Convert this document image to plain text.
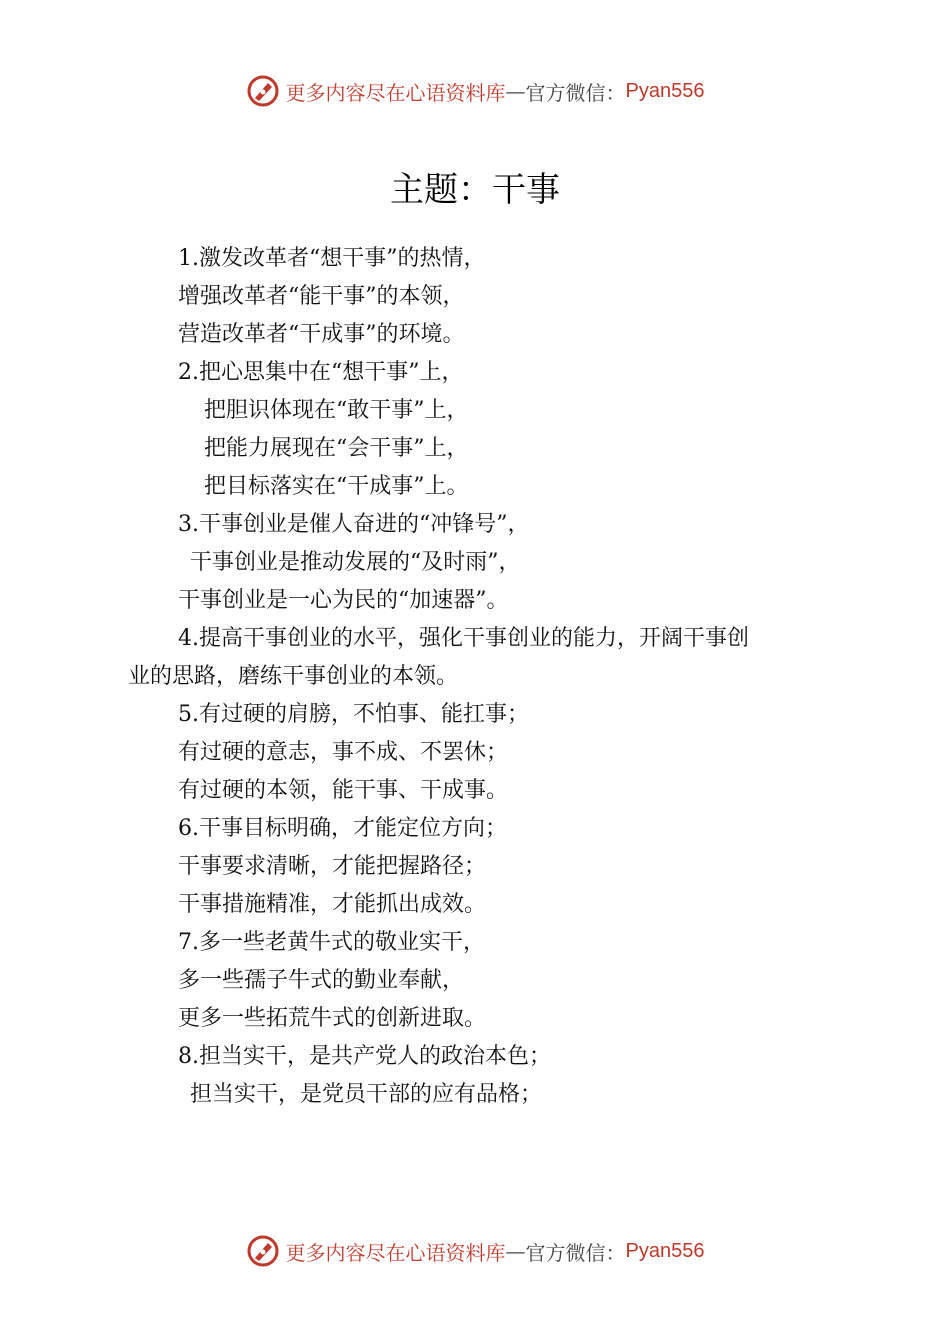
更多内容尽在心语资料库 — 官方微信： Pyan556
主题：干事
1.激发改革者“想干事”的热情，
增强改革者“能干事”的本领，
营造改革者“干成事”的环境。
2.把心思集中在“想干事”上，
把胆识体现在“敢干事”上，
把能力展现在“会干事”上，
把目标落实在“干成事”上。
3.干事创业是催人奋进的“冲锋号”，
干事创业是推动发展的“及时雨”，
干事创业是一心为民的“加速器”。
4.提高干事创业的水平，强化干事创业的能力，开阔干事创
业的思路，磨练干事创业的本领。
5.有过硬的肩膀，不怕事、能扛事；
有过硬的意志，事不成、不罢休；
有过硬的本领，能干事、干成事。
6.干事目标明确，才能定位方向；
干事要求清晰，才能把握路径；
干事措施精准，才能抓出成效。
7.多一些老黄牛式的敬业实干，
多一些孺子牛式的勤业奉献，
更多一些拓荒牛式的创新进取。
8.担当实干，是共产党人的政治本色；
担当实干，是党员干部的应有品格；
更多内容尽在心语资料库 — 官方微信： Pyan556
